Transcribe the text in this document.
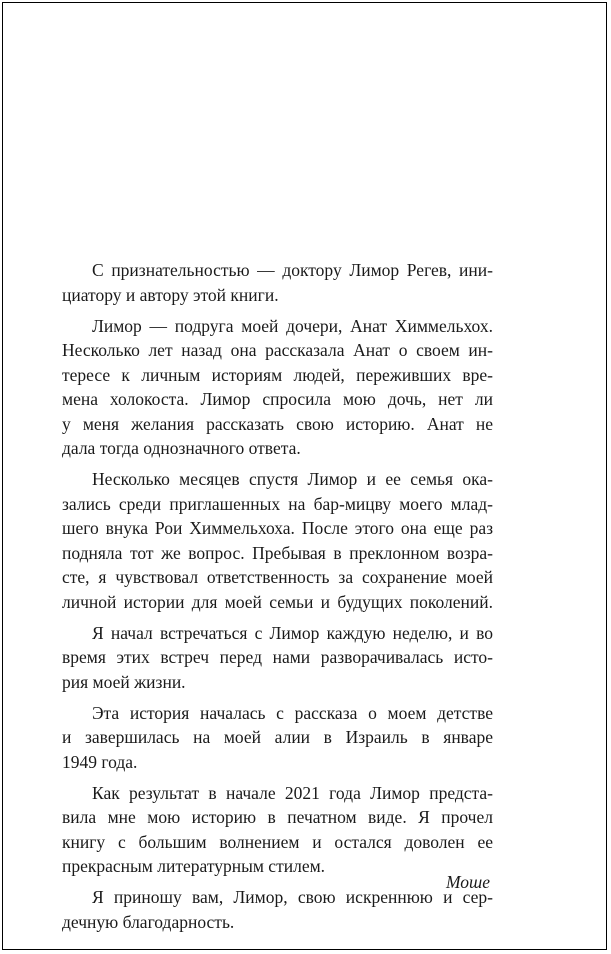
С признательностью — доктору Лимор Регев, ини-
циатору и автору этой книги.
Лимор — подруга моей дочери, Анат Химмельхох.
Несколько лет назад она рассказала Анат о своем ин-
тересе к личным историям людей, переживших вре-
мена холокоста. Лимор спросила мою дочь, нет ли
у меня желания рассказать свою историю. Анат не
дала тогда однозначного ответа.
Несколько месяцев спустя Лимор и ее семья ока-
зались среди приглашенных на бар-мицву моего млад-
шего внука Рои Химмельхоха. После этого она еще раз
подняла тот же вопрос. Пребывая в преклонном возра-
сте, я чувствовал ответственность за сохранение моей
личной истории для моей семьи и будущих поколений.
Я начал встречаться с Лимор каждую неделю, и во
время этих встреч перед нами разворачивалась исто-
рия моей жизни.
Эта история началась с рассказа о моем детстве
и завершилась на моей алии в Израиль в январе
1949 года.
Как результат в начале 2021 года Лимор предста-
вила мне мою историю в печатном виде. Я прочел
книгу с большим волнением и остался доволен ее
прекрасным литературным стилем.
Я приношу вам, Лимор, свою искреннюю и сер-
дечную благодарность.
Моше
